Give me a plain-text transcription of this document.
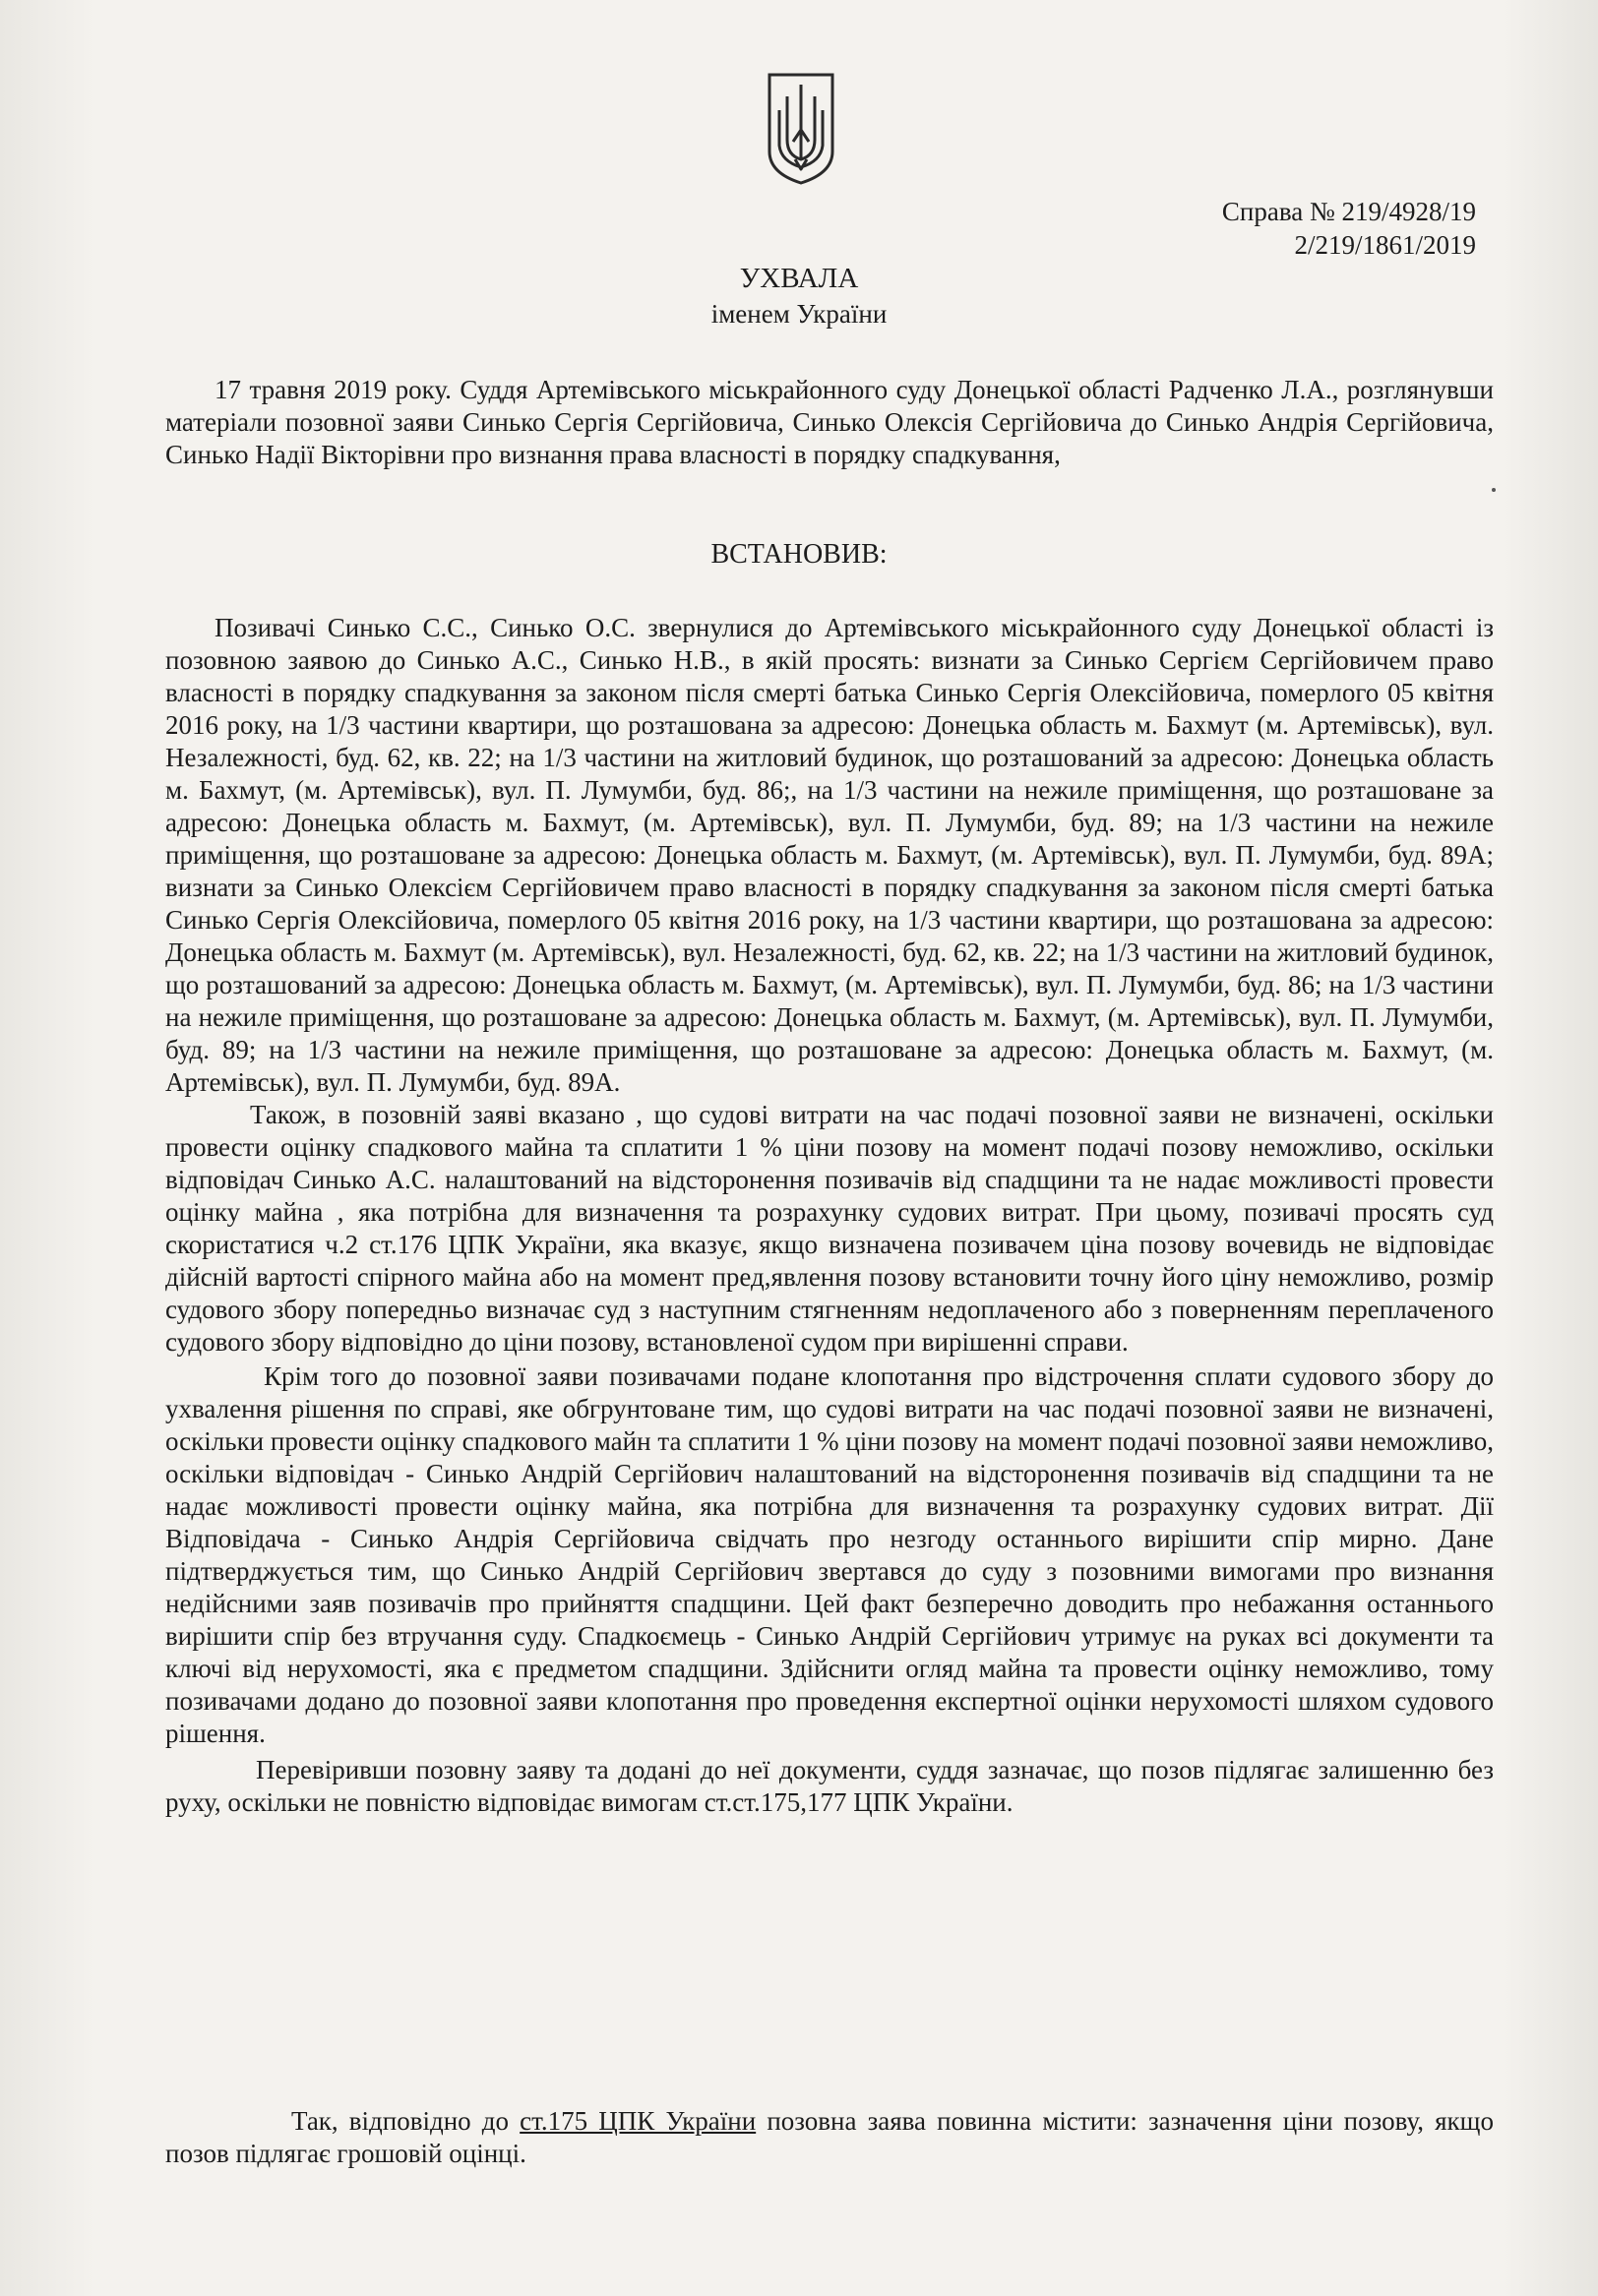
Справа № 219/4928/19
2/219/1861/2019
УХВАЛА
іменем України

17 травня 2019 року. Суддя Артемівського міськрайонного суду Донецької області Радченко Л.А., розглянувши матеріали позовної заяви Синько Сергія Сергійовича, Синько Олексія Сергійовича до Синько Андрія Сергійовича, Синько Надії Вікторівни про визнання права власності в порядку спадкування,

ВСТАНОВИВ:

Позивачі Синько С.С., Синько О.С. звернулися до Артемівського міськрайонного суду Донецької області із позовною заявою до Синько А.С., Синько Н.В., в якій просять: визнати за Синько Сергієм Сергійовичем право власності в порядку спадкування за законом після смерті батька Синько Сергія Олексійовича, померлого 05 квітня 2016 року, на 1/3 частини квартири, що розташована за адресою: Донецька область м. Бахмут (м. Артемівськ), вул. Незалежності, буд. 62, кв. 22; на 1/3 частини на житловий будинок, що розташований за адресою: Донецька область м. Бахмут, (м. Артемівськ), вул. П. Лумумби, буд. 86;, на 1/3 частини на нежиле приміщення, що розташоване за адресою: Донецька область м. Бахмут, (м. Артемівськ), вул. П. Лумумби, буд. 89; на 1/3 частини на нежиле приміщення, що розташоване за адресою: Донецька область м. Бахмут, (м. Артемівськ), вул. П. Лумумби, буд. 89А; визнати за Синько Олексієм Сергійовичем право власності в порядку спадкування за законом після смерті батька Синько Сергія Олексійовича, померлого 05 квітня 2016 року, на 1/3 частини квартири, що розташована за адресою: Донецька область м. Бахмут (м. Артемівськ), вул. Незалежності, буд. 62, кв. 22; на 1/3 частини на житловий будинок, що розташований за адресою: Донецька область м. Бахмут, (м. Артемівськ), вул. П. Лумумби, буд. 86; на 1/3 частини на нежиле приміщення, що розташоване за адресою: Донецька область м. Бахмут, (м. Артемівськ), вул. П. Лумумби, буд. 89; на 1/3 частини на нежиле приміщення, що розташоване за адресою: Донецька область м. Бахмут, (м. Артемівськ), вул. П. Лумумби, буд. 89А.

Також, в позовній заяві вказано , що судові витрати на час подачі позовної заяви не визначені, оскільки провести оцінку спадкового майна та сплатити 1 % ціни позову на момент подачі позову неможливо, оскільки відповідач Синько А.С. налаштований на відсторонення позивачів від спадщини та не надає можливості провести оцінку майна , яка потрібна для визначення та розрахунку судових витрат. При цьому, позивачі просять суд скористатися ч.2 ст.176 ЦПК України, яка вказує, якщо визначена позивачем ціна позову вочевидь не відповідає дійсній вартості спірного майна або на момент пред,явлення позову встановити точну його ціну неможливо, розмір судового збору попередньо визначає суд з наступним стягненням недоплаченого або з поверненням переплаченого судового збору відповідно до ціни позову, встановленої судом при вирішенні справи.

Крім того до позовної заяви позивачами подане клопотання про відстрочення сплати судового збору до ухвалення рішення по справі, яке обгрунтоване тим, що судові витрати на час подачі позовної заяви не визначені, оскільки провести оцінку спадкового майн та сплатити 1 % ціни позову на момент подачі позовної заяви неможливо, оскільки відповідач - Синько Андрій Сергійович налаштований на відсторонення позивачів від спадщини та не надає можливості провести оцінку майна, яка потрібна для визначення та розрахунку судових витрат. Дії Відповідача - Синько Андрія Сергійовича свідчать про незгоду останнього вирішити спір мирно. Дане підтверджується тим, що Синько Андрій Сергійович звертався до суду з позовними вимогами про визнання недійсними заяв позивачів про прийняття спадщини. Цей факт безперечно доводить про небажання останнього вирішити спір без втручання суду. Спадкоємець - Синько Андрій Сергійович утримує на руках всі документи та ключі від нерухомості, яка є предметом спадщини. Здійснити огляд майна та провести оцінку неможливо, тому позивачами додано до позовної заяви клопотання про проведення експертної оцінки нерухомості шляхом судового рішення.

Перевіривши позовну заяву та додані до неї документи, суддя зазначає, що позов підлягає залишенню без руху, оскільки не повністю відповідає вимогам ст.ст.175,177 ЦПК України.

Так, відповідно до ст.175 ЦПК України позовна заява повинна містити: зазначення ціни позову, якщо позов підлягає грошовій оцінці.
